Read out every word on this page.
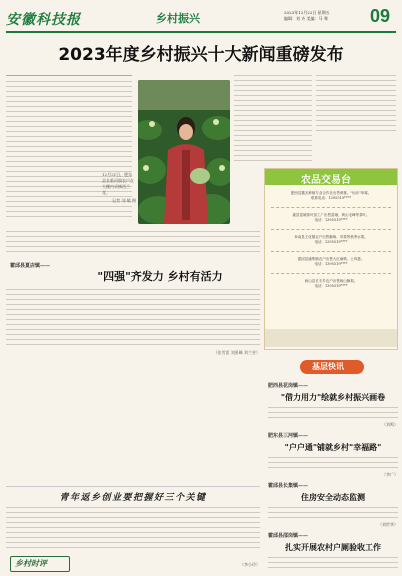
安徽科技报	乡村振兴	2023年12月22日 星期五
编辑：刘 卉 美编：马 骞 09
2023年度乡村振兴十大新闻重磅发布
12月21日，肥东县长临河镇农户在大棚内采摘西兰花。
记者 刘 敏 摄
农品交易台
肥西县鑫光种植专业合作社出售黄桃、"仙乐"草莓。
联系电话：1395519****
歙县富硒茶叶加工厂出售富硒、黄山毛峰等茶叶。
电话：1395519****
阜南县王化镇农户出售葡萄、苹果等秋季水果。
电话：1395519****
霍邱县潘集镇农户出售大红麻鸭、土鸡蛋。
电话：1395519****
砀山县长丰乡农户出售砀山酥梨。
电话：1395519****
霍邱县夏店镇——
"四强"齐发力 乡村有活力
（张雪雷 刘景峰 刘兰芳）
基层快讯
肥西县花岗镇——
"借力用力"绘就乡村振兴画卷
（刘鸣）
肥东县三河镇——
"户户通"铺就乡村"幸福路"
（李广）
霍邱县长集镇——
住房安全动态监测
（刘世华）
霍邱县邵岗镇——
扎实开展农村户厕验收工作
青年返乡创业要把握好三个关键
乡村时评	（李小玲）
